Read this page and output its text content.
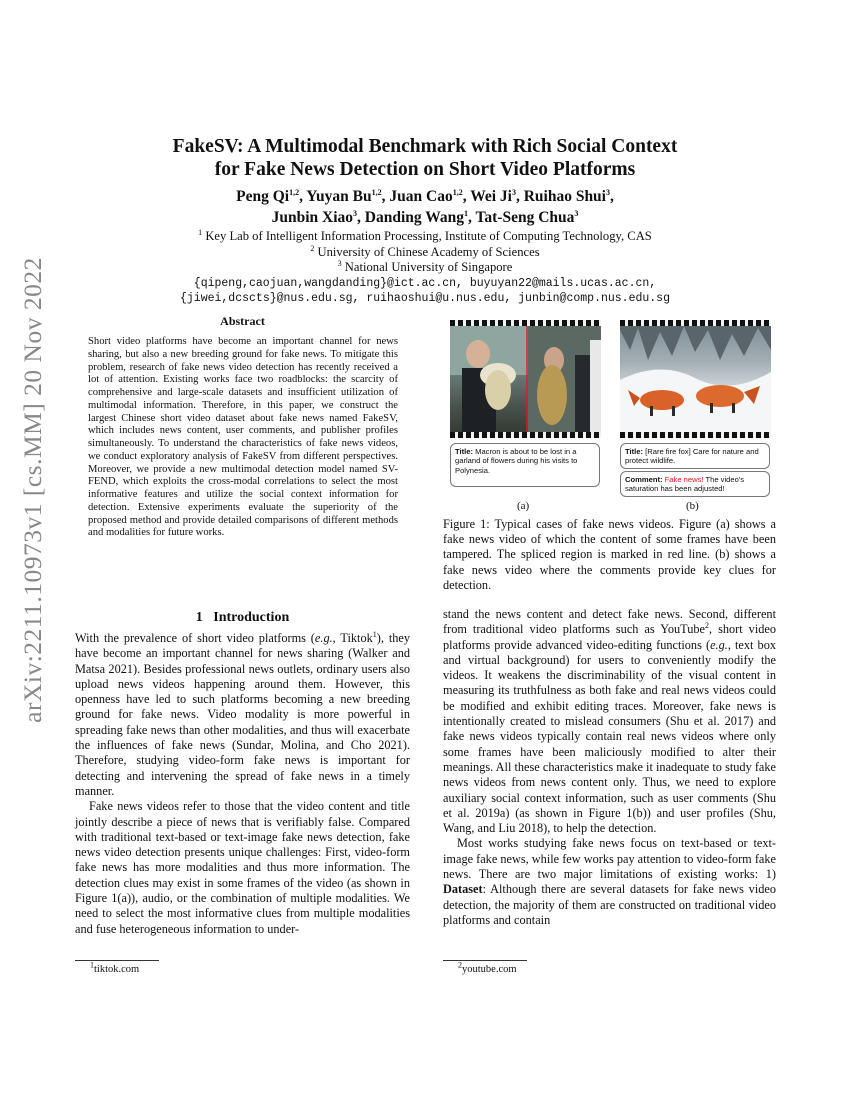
arXiv:2211.10973v1 [cs.MM] 20 Nov 2022
FakeSV: A Multimodal Benchmark with Rich Social Context
for Fake News Detection on Short Video Platforms
Peng Qi$^{1,2}$, Yuyan Bu$^{1,2}$, Juan Cao$^{1,2}$, Wei Ji$^3$, Ruihao Shui$^3$,
Junbin Xiao$^3$, Danding Wang$^1$, Tat-Seng Chua$^3$
$^1$ Key Lab of Intelligent Information Processing, Institute of Computing Technology, CAS
$^2$ University of Chinese Academy of Sciences
$^3$ National University of Singapore
{qipeng,caojuan,wangdanding}@ict.ac.cn, buyuyan22@mails.ucas.ac.cn,
{jiwei,dcscts}@nus.edu.sg, ruihaoshui@u.nus.edu, junbin@comp.nus.edu.sg
Abstract
Short video platforms have become an important channel for news sharing, but also a new breeding ground for fake news. To mitigate this problem, research of fake news video detection has recently received a lot of attention. Existing works face two roadblocks: the scarcity of comprehensive and large-scale datasets and insufficient utilization of multimodal information. Therefore, in this paper, we construct the largest Chinese short video dataset about fake news named FakeSV, which includes news content, user comments, and publisher profiles simultaneously. To understand the characteristics of fake news videos, we conduct exploratory analysis of FakeSV from different perspectives. Moreover, we provide a new multimodal detection model named SV-FEND, which exploits the cross-modal correlations to select the most informative features and utilize the social context information for detection. Extensive experiments evaluate the superiority of the proposed method and provide detailed comparisons of different methods and modalities for future works.
1 Introduction

With the prevalence of short video platforms (e.g., Tiktok$^1$), they have become an important channel for news sharing (Walker and Matsa 2021). Besides professional news outlets, ordinary users also upload news videos happening around them. However, this openness have led to such platforms becoming a new breeding ground for fake news. Video modality is more powerful in spreading fake news than other modalities, and thus will exacerbate the influences of fake news (Sundar, Molina, and Cho 2021). Therefore, studying video-form fake news is important for detecting and intervening the spread of fake news in a timely manner.

Fake news videos refer to those that the video content and title jointly describe a piece of news that is verifiably false. Compared with traditional text-based or text-image fake news detection, fake news video detection presents unique challenges: First, video-form fake news has more modalities and thus more information. The detection clues may exist in some frames of the video (as shown in Figure 1(a)), audio, or the combination of multiple modalities. We need to select the most informative clues from multiple modalities and fuse heterogeneous information to under-

$^1$tiktok.com
Title: Macron is about to be lost in a garland of flowers during his visits to Polynesia.
Title: [Rare fire fox] Care for nature and protect wildlife.
Comment: Fake news! The video's saturation has been adjusted!
(a)	(b)
Figure 1: Typical cases of fake news videos. Figure (a) shows a fake news video of which the content of some frames have been tampered. The spliced region is marked in red line. (b) shows a fake news video where the comments provide key clues for detection.

stand the news content and detect fake news. Second, different from traditional video platforms such as YouTube$^2$, short video platforms provide advanced video-editing functions (e.g., text box and virtual background) for users to conveniently modify the videos. It weakens the discriminability of the visual content in measuring its truthfulness as both fake and real news videos could be modified and exhibit editing traces. Moreover, fake news is intentionally created to mislead consumers (Shu et al. 2017) and fake news videos typically contain real news videos where only some frames have been maliciously modified to alter their meanings. All these characteristics make it inadequate to study fake news videos from news content only. Thus, we need to explore auxiliary social context information, such as user comments (Shu et al. 2019a) (as shown in Figure 1(b)) and user profiles (Shu, Wang, and Liu 2018), to help the detection.

Most works studying fake news focus on text-based or text-image fake news, while few works pay attention to video-form fake news. There are two major limitations of existing works: 1) Dataset: Although there are several datasets for fake news video detection, the majority of them are constructed on traditional video platforms and contain

$^2$youtube.com
